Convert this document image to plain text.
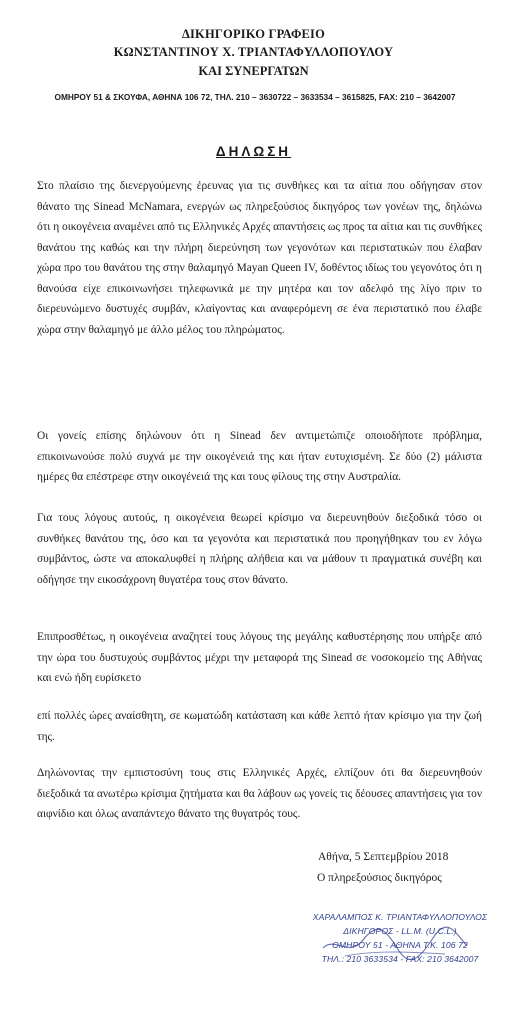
ΔΙΚΗΓΟΡΙΚΟ ΓΡΑΦΕΙΟ
ΚΩΝΣΤΑΝΤΙΝΟΥ Χ. ΤΡΙΑΝΤΑΦΥΛΛΟΠΟΥΛΟΥ
ΚΑΙ ΣΥΝΕΡΓΑΤΩΝ
ΟΜΗΡΟΥ 51 & ΣΚΟΥΦΑ, ΑΘΗΝΑ 106 72, ΤΗΛ. 210 – 3630722 – 3633534 – 3615825, FAX: 210 – 3642007
ΔΗΛΩΣΗ

Στο πλαίσιο της διενεργούμενης έρευνας για τις συνθήκες και τα αίτια που οδήγησαν στον θάνατο της Sinead McNamara, ενεργών ως πληρεξούσιος δικηγόρος των γονέων της, δηλώνω ότι η οικογένεια αναμένει από τις Ελληνικές Αρχές απαντήσεις ως προς τα αίτια και τις συνθήκες θανάτου της καθώς και την πλήρη διερεύνηση των γεγονότων και περιστατικών που έλαβαν χώρα προ του θανάτου της στην θαλαμηγό Mayan Queen IV, δοθέντος ιδίως του γεγονότος ότι η θανούσα είχε επικοινωνήσει τηλεφωνικά με την μητέρα και τον αδελφό της λίγο πριν το διερευνώμενο δυστυχές συμβάν, κλαίγοντας και αναφερόμενη σε ένα περιστατικό που έλαβε χώρα στην θαλαμηγό με άλλο μέλος του πληρώματος.

Οι γονείς επίσης δηλώνουν ότι η Sinead δεν αντιμετώπιζε οποιοδήποτε πρόβλημα, επικοινωνούσε πολύ συχνά με την οικογένειά της και ήταν ευτυχισμένη. Σε δύο (2) μάλιστα ημέρες θα επέστρεφε στην οικογένειά της και τους φίλους της στην Αυστραλία.

Για τους λόγους αυτούς, η οικογένεια θεωρεί κρίσιμο να διερευνηθούν διεξοδικά τόσο οι συνθήκες θανάτου της, όσο και τα γεγονότα και περιστατικά που προηγήθηκαν του εν λόγω συμβάντος, ώστε να αποκαλυφθεί η πλήρης αλήθεια και να μάθουν τι πραγματικά συνέβη και οδήγησε την εικοσάχρονη θυγατέρα τους στον θάνατο.

Επιπροσθέτως, η οικογένεια αναζητεί τους λόγους της μεγάλης καθυστέρησης που υπήρξε από την ώρα του δυστυχούς συμβάντος μέχρι την μεταφορά της Sinead σε νοσοκομείο της Αθήνας και ενώ ήδη ευρίσκετο

επί πολλές ώρες αναίσθητη, σε κωματώδη κατάσταση και κάθε λεπτό ήταν κρίσιμο για την ζωή της.

Δηλώνοντας την εμπιστοσύνη τους στις Ελληνικές Αρχές, ελπίζουν ότι θα διερευνηθούν διεξοδικά τα ανωτέρω κρίσιμα ζητήματα και θα λάβουν ως γονείς τις δέουσες απαντήσεις για τον αιφνίδιο και όλως αναπάντεχο θάνατο της θυγατρός τους.

Αθήνα, 5 Σεπτεμβρίου 2018
Ο πληρεξούσιος δικηγόρος
ΧΑΡΑΛΑΜΠΟΣ Κ. ΤΡΙΑΝΤΑΦΥΛΛΟΠΟΥΛΟΣ
ΔΙΚΗΓΟΡΟΣ - LL.M. (U.C.L.)
ΟΜΗΡΟΥ 51 - ΑΘΗΝΑ Τ.Κ. 106 72
ΤΗΛ.: 210 3633534 - FAX: 210 3642007
